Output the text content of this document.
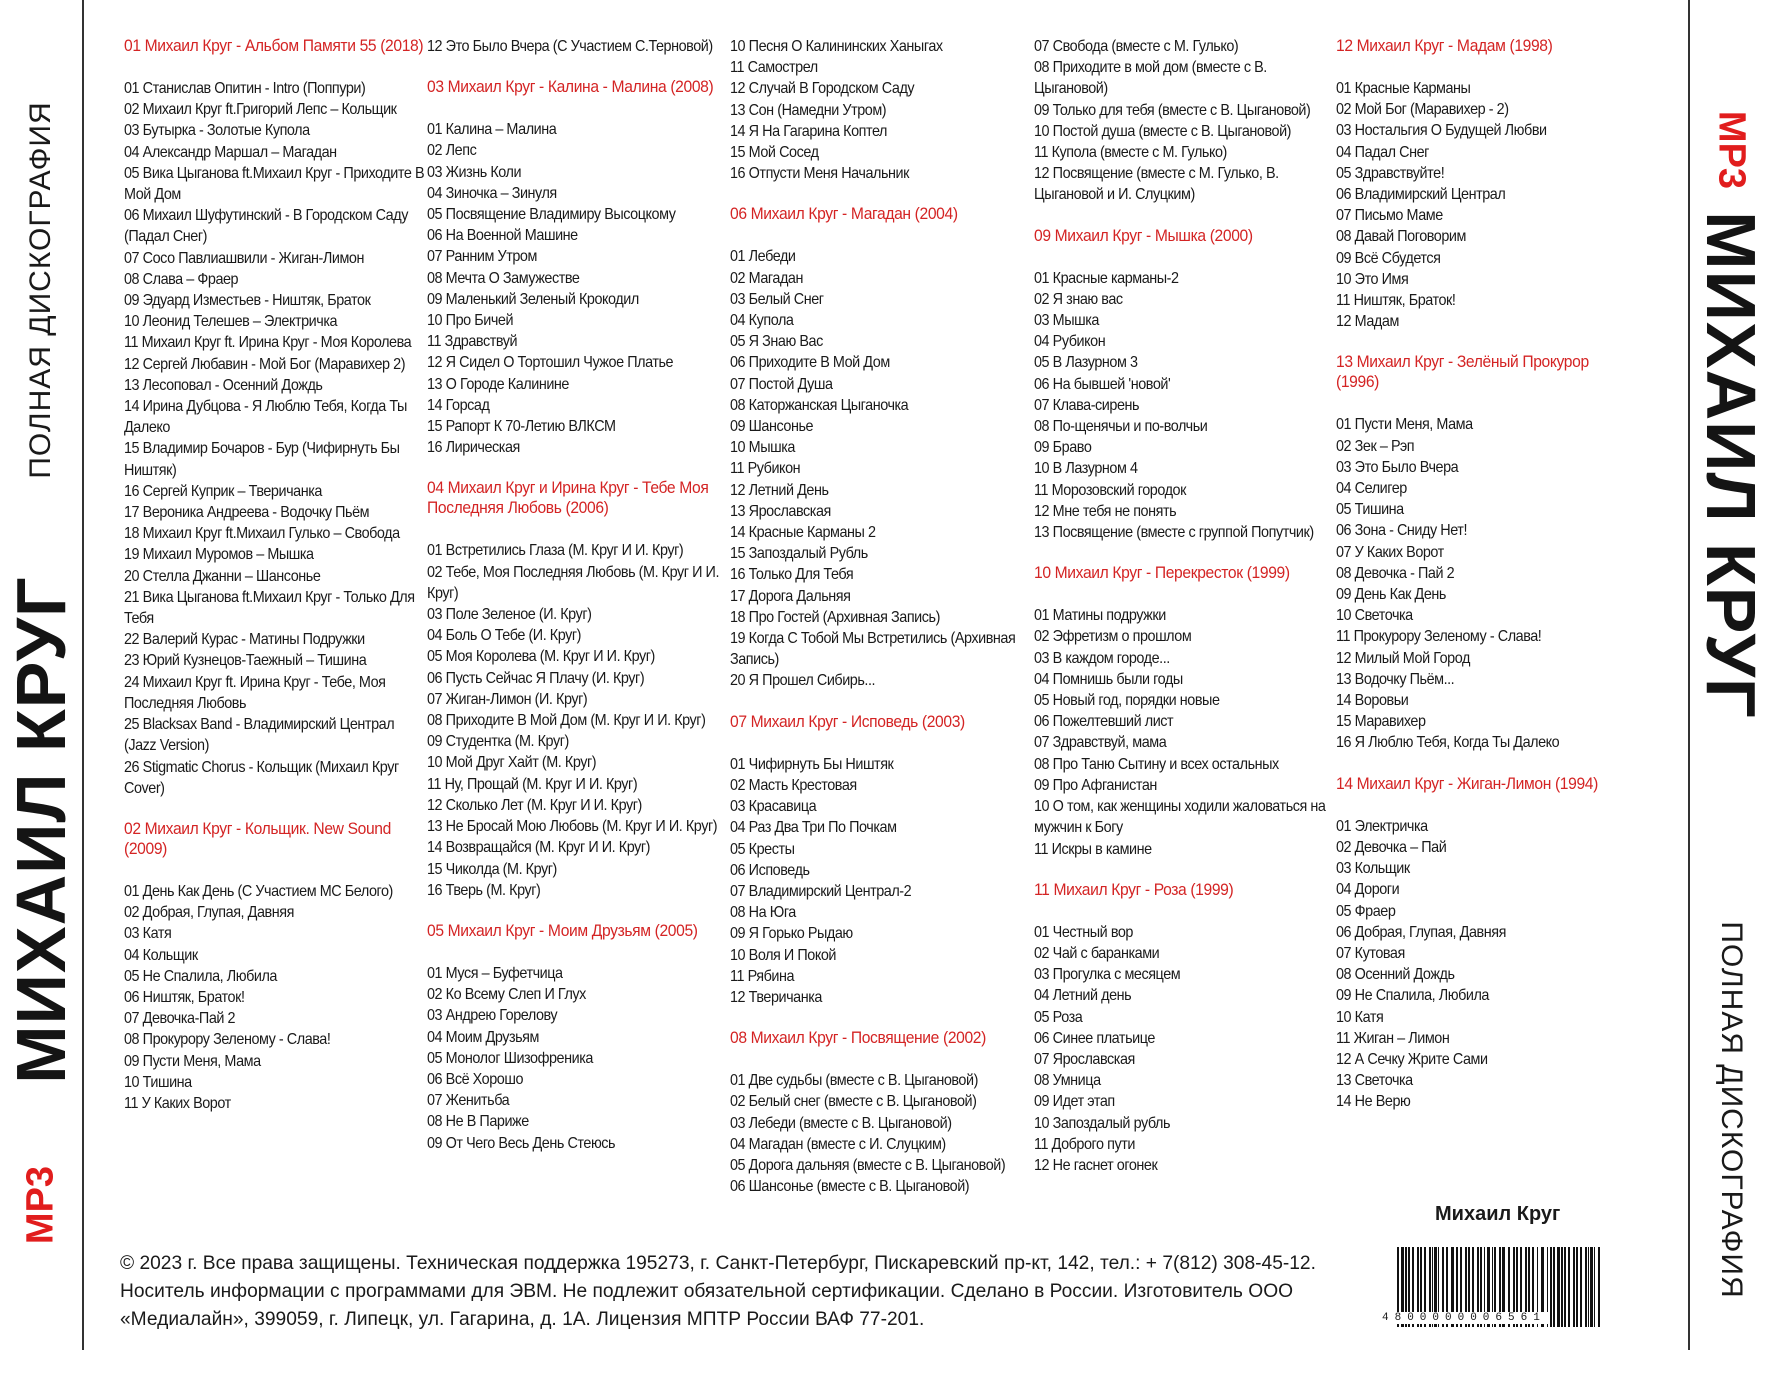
ПОЛНАЯ ДИСКОГРАФИЯ
МИХАИЛ КРУГ
MP3
MP3
МИХАИЛ КРУГ
ПОЛНАЯ ДИСКОГРАФИЯ
01 Михаил Круг - Альбом Памяти 55 (2018)
01 Станислав Опитин - Intro (Поппури)
02 Михаил Круг ft.Григорий Лепс – Кольщик
03 Бутырка - Золотые Купола
04 Александр Маршал – Магадан
05 Вика Цыганова ft.Михаил Круг - Приходите В Мой Дом
06 Михаил Шуфутинский - В Городском Саду (Падал Снег)
07 Сосо Павлиашвили - Жиган-Лимон
08 Слава – Фраер
09 Эдуард Изместьев - Ништяк, Браток
10 Леонид Телешев – Электричка
11 Михаил Круг ft. Ирина Круг - Моя Королева
12 Сергей Любавин - Мой Бог (Маравихер 2)
13 Лесоповал - Осенний Дождь
14 Ирина Дубцова - Я Люблю Тебя, Когда Ты Далеко
15 Владимир Бочаров - Бур (Чифирнуть Бы Ништяк)
16 Сергей Куприк – Тверичанка
17 Вероника Андреева - Водочку Пьём
18 Михаил Круг ft.Михаил Гулько – Свобода
19 Михаил Муромов – Мышка
20 Стелла Джанни – Шансонье
21 Вика Цыганова ft.Михаил Круг - Только Для Тебя
22 Валерий Курас - Матины Подружки
23 Юрий Кузнецов-Таежный – Тишина
24 Михаил Круг ft. Ирина Круг - Тебе, Моя Последняя Любовь
25 Blacksax Band - Владимирский Централ (Jazz Version)
26 Stigmatic Chorus - Кольщик (Михаил Круг Cover)
02 Михаил Круг - Кольщик. New Sound (2009)
01 День Как День (С Участием MC Белого)
02 Добрая, Глупая, Давняя
03 Катя
04 Кольщик
05 Не Спалила, Любила
06 Ништяк, Браток!
07 Девочка-Пай 2
08 Прокурору Зеленому - Слава!
09 Пусти Меня, Мама
10 Тишина
11 У Каких Ворот
12 Это Было Вчера (С Участием С.Терновой)
03 Михаил Круг - Калина - Малина (2008)
01 Калина – Малина
02 Лепс
03 Жизнь Коли
04 Зиночка – Зинуля
05 Посвящение Владимиру Высоцкому
06 На Военной Машине
07 Ранним Утром
08 Мечта О Замужестве
09 Маленький Зеленый Крокодил
10 Про Бичей
11 Здравствуй
12 Я Сидел О Тортошил Чужое Платье
13 О Городе Калинине
14 Горсад
15 Рапорт К 70-Летию ВЛКСМ
16 Лирическая
04 Михаил Круг и Ирина Круг - Тебе Моя Последняя Любовь (2006)
01 Встретились Глаза (М. Круг И И. Круг)
02 Тебе, Моя Последняя Любовь (М. Круг И И. Круг)
03 Поле Зеленое (И. Круг)
04 Боль О Тебе (И. Круг)
05 Моя Королева (М. Круг И И. Круг)
06 Пусть Сейчас Я Плачу (И. Круг)
07 Жиган-Лимон (И. Круг)
08 Приходите В Мой Дом (М. Круг И И. Круг)
09 Студентка (М. Круг)
10 Мой Друг Хайт (М. Круг)
11 Ну, Прощай (М. Круг И И. Круг)
12 Сколько Лет (М. Круг И И. Круг)
13 Не Бросай Мою Любовь (М. Круг И И. Круг)
14 Возвращайся (М. Круг И И. Круг)
15 Чиколда (М. Круг)
16 Тверь (М. Круг)
05 Михаил Круг - Моим Друзьям (2005)
01 Муся – Буфетчица
02 Ко Всему Слеп И Глух
03 Андрею Горелову
04 Моим Друзьям
05 Монолог Шизофреника
06 Всё Хорошо
07 Женитьба
08 Не В Париже
09 От Чего Весь День Стеюсь
10 Песня О Калининских Ханыгах
11 Самострел
12 Случай В Городском Саду
13 Сон (Намедни Утром)
14 Я На Гагарина Коптел
15 Мой Сосед
16 Отпусти Меня Начальник
06 Михаил Круг - Магадан (2004)
01 Лебеди
02 Магадан
03 Белый Снег
04 Купола
05 Я Знаю Вас
06 Приходите В Мой Дом
07 Постой Душа
08 Каторжанская Цыганочка
09 Шансонье
10 Мышка
11 Рубикон
12 Летний День
13 Ярославская
14 Красные Карманы 2
15 Запоздалый Рубль
16 Только Для Тебя
17 Дорога Дальняя
18 Про Гостей (Архивная Запись)
19 Когда С Тобой Мы Встретились (Архивная Запись)
20 Я Прошел Сибирь...
07 Михаил Круг - Исповедь (2003)
01 Чифирнуть Бы Ништяк
02 Масть Крестовая
03 Красавица
04 Раз Два Три По Почкам
05 Кресты
06 Исповедь
07 Владимирский Централ-2
08 На Юга
09 Я Горько Рыдаю
10 Воля И Покой
11 Рябина
12 Тверичанка
08 Михаил Круг - Посвящение (2002)
01 Две судьбы (вместе с В. Цыгановой)
02 Белый снег (вместе с В. Цыгановой)
03 Лебеди (вместе с В. Цыгановой)
04 Магадан (вместе с И. Слуцким)
05 Дорога дальняя (вместе с В. Цыгановой)
06 Шансонье (вместе с В. Цыгановой)
07 Свобода (вместе с М. Гулько)
08 Приходите в мой дом (вместе с В. Цыгановой)
09 Только для тебя (вместе с В. Цыгановой)
10 Постой душа (вместе с В. Цыгановой)
11 Купола (вместе с М. Гулько)
12 Посвящение (вместе с М. Гулько, В. Цыгановой и И. Слуцким)
09 Михаил Круг - Мышка (2000)
01 Красные карманы-2
02 Я знаю вас
03 Мышка
04 Рубикон
05 В Лазурном 3
06 На бывшей 'новой'
07 Клава-сирень
08 По-щенячьи и по-волчьи
09 Браво
10 В Лазурном 4
11 Морозовский городок
12 Мне тебя не понять
13 Посвящение (вместе с группой Попутчик)
10 Михаил Круг - Перекресток (1999)
01 Матины подружки
02 Эфретизм о прошлом
03 В каждом городе...
04 Помнишь были годы
05 Новый год, порядки новые
06 Пожелтевший лист
07 Здравствуй, мама
08 Про Таню Сытину и всех остальных
09 Про Афганистан
10 О том, как женщины ходили жаловаться на мужчин к Богу
11 Искры в камине
11 Михаил Круг - Роза (1999)
01 Честный вор
02 Чай с баранками
03 Прогулка с месяцем
04 Летний день
05 Роза
06 Синее платьице
07 Ярославская
08 Умница
09 Идет этап
10 Запоздалый рубль
11 Доброго пути
12 Не гаснет огонек
12 Михаил Круг - Мадам (1998)
01 Красные Карманы
02 Мой Бог (Маравихер - 2)
03 Ностальгия О Будущей Любви
04 Падал Снег
05 Здравствуйте!
06 Владимирский Централ
07 Письмо Маме
08 Давай Поговорим
09 Всё Сбудется
10 Это Имя
11 Ништяк, Браток!
12 Мадам
13 Михаил Круг - Зелёный Прокурор (1996)
01 Пусти Меня, Мама
02 Зек – Рэп
03 Это Было Вчера
04 Селигер
05 Тишина
06 Зона - Сниду Нет!
07 У Каких Ворот
08 Девочка - Пай 2
09 День Как День
10 Светочка
11 Прокурору Зеленому - Слава!
12 Милый Мой Город
13 Водочку Пьём...
14 Воровьи
15 Маравихер
16 Я Люблю Тебя, Когда Ты Далеко
14 Михаил Круг - Жиган-Лимон (1994)
01 Электричка
02 Девочка – Пай
03 Кольщик
04 Дороги
05 Фраер
06 Добрая, Глупая, Давняя
07 Кутовая
08 Осенний Дождь
09 Не Спалила, Любила
10 Катя
11 Жиган – Лимон
12 А Сечку Жрите Сами
13 Светочка
14 Не Верю
© 2023 г. Все права защищены. Техническая поддержка 195273, г. Санкт-Петербург, Пискаревский пр-кт, 142, тел.: + 7(812) 308-45-12. Носитель информации с программами для ЭВМ. Не подлежит обязательной сертификации. Сделано в России. Изготовитель ООО «Медиалайн», 399059, г. Липецк, ул. Гагарина, д. 1А. Лицензия МПТР России ВАФ 77-201.
Михаил Круг
4800000006561
